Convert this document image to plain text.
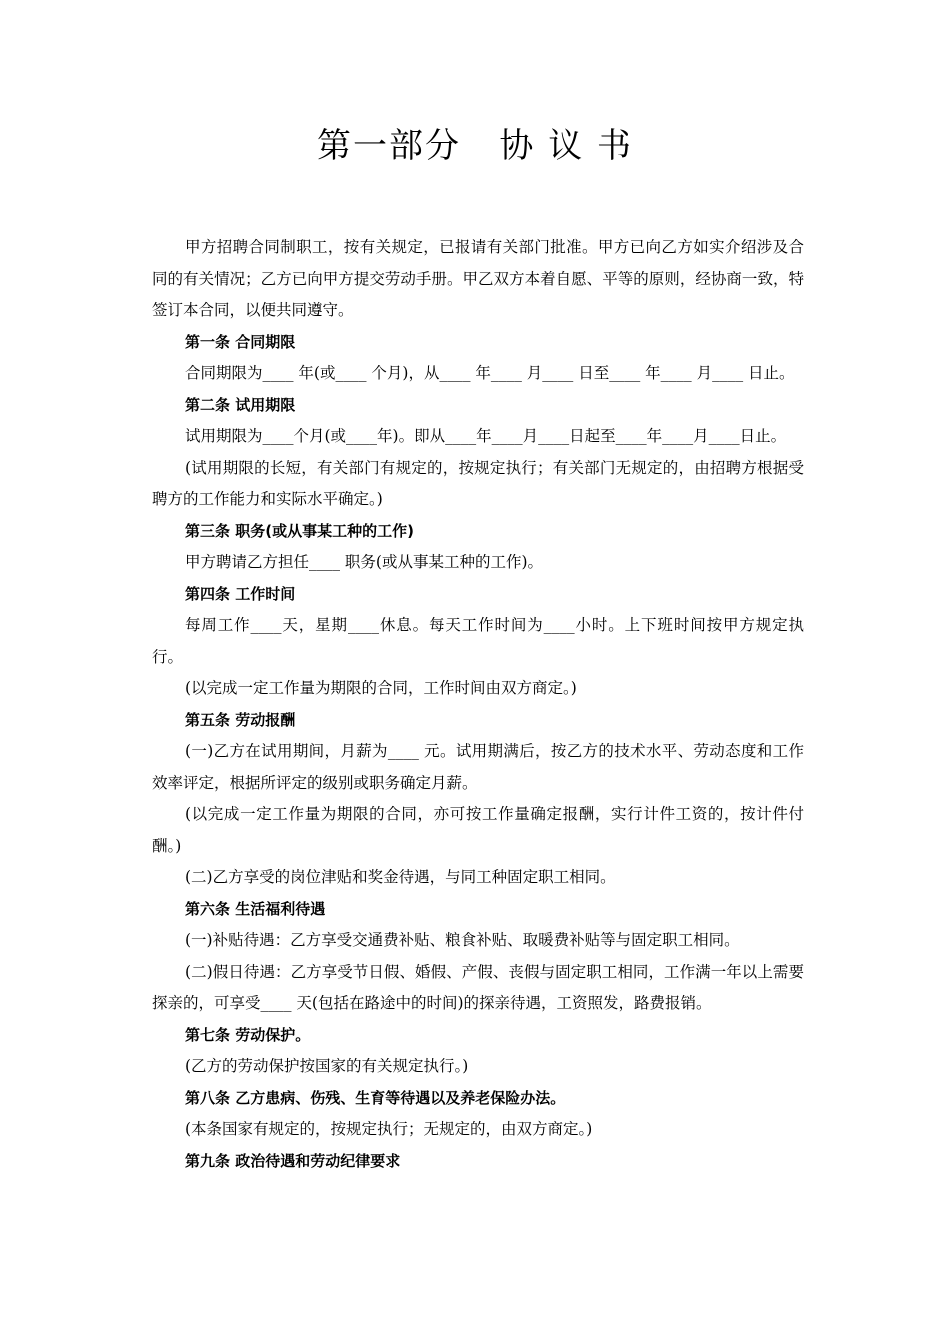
第一部分   协 议 书

甲方招聘合同制职工，按有关规定，已报请有关部门批准。甲方已向乙方如实介绍涉及合同的有关情况；乙方已向甲方提交劳动手册。甲乙双方本着自愿、平等的原则，经协商一致，特签订本合同，以便共同遵守。

第一条 合同期限

合同期限为____ 年(或____ 个月)，从____ 年____ 月____ 日至____ 年____ 月____ 日止。

第二条 试用期限

试用期限为____个月(或____年)。即从____年____月____日起至____年____月____日止。

(试用期限的长短，有关部门有规定的，按规定执行；有关部门无规定的，由招聘方根据受聘方的工作能力和实际水平确定。)

第三条 职务(或从事某工种的工作)

甲方聘请乙方担任____ 职务(或从事某工种的工作)。

第四条 工作时间

每周工作____天，星期____休息。每天工作时间为____小时。上下班时间按甲方规定执行。

(以完成一定工作量为期限的合同，工作时间由双方商定。)

第五条 劳动报酬

(一)乙方在试用期间，月薪为____ 元。试用期满后，按乙方的技术水平、劳动态度和工作效率评定，根据所评定的级别或职务确定月薪。

(以完成一定工作量为期限的合同，亦可按工作量确定报酬，实行计件工资的，按计件付酬。)

(二)乙方享受的岗位津贴和奖金待遇，与同工种固定职工相同。

第六条 生活福利待遇

(一)补贴待遇：乙方享受交通费补贴、粮食补贴、取暖费补贴等与固定职工相同。

(二)假日待遇：乙方享受节日假、婚假、产假、丧假与固定职工相同，工作满一年以上需要探亲的，可享受____ 天(包括在路途中的时间)的探亲待遇，工资照发，路费报销。

第七条 劳动保护。

(乙方的劳动保护按国家的有关规定执行。)

第八条 乙方患病、伤残、生育等待遇以及养老保险办法。

(本条国家有规定的，按规定执行；无规定的，由双方商定。)

第九条 政治待遇和劳动纪律要求
